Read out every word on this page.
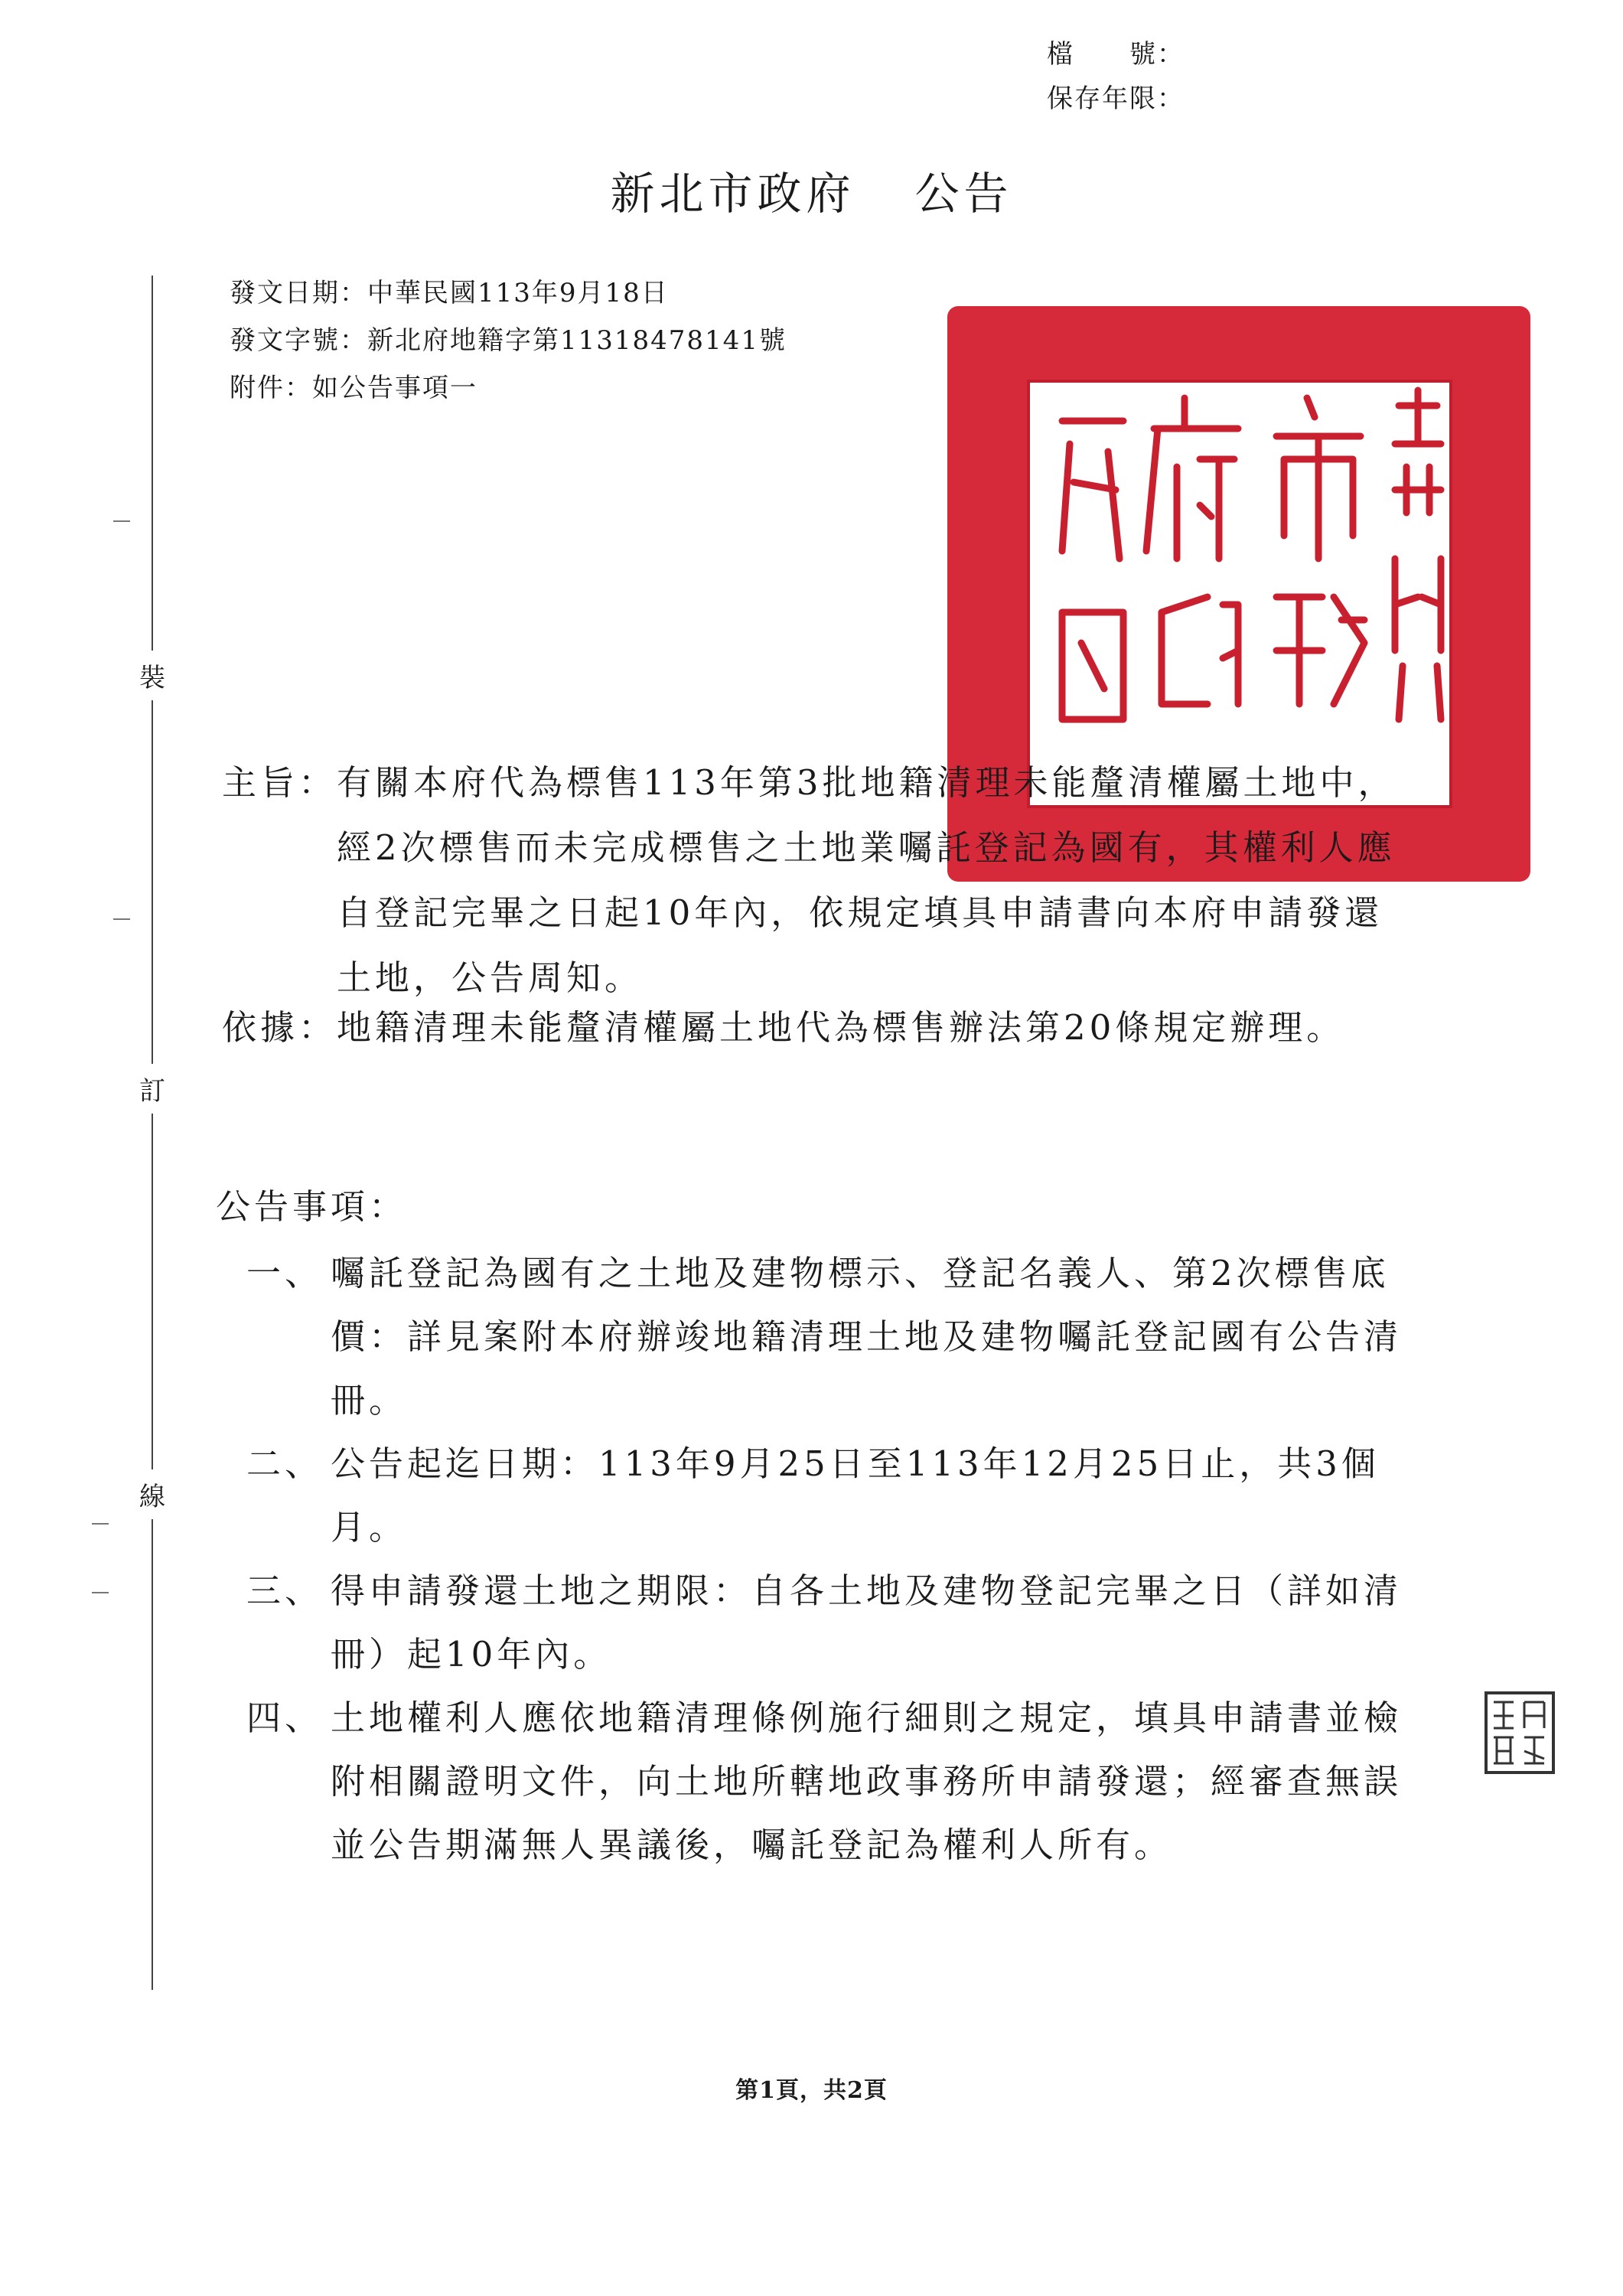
檔　　號：
保存年限：
新北市政府 公告
發文日期：中華民國113年9月18日
發文字號：新北府地籍字第11318478141號
附件：如公告事項一
裝
訂
線
主旨： 有關本府代為標售113年第3批地籍清理未能釐清權屬土地中，經2次標售而未完成標售之土地業囑託登記為國有，其權利人應自登記完畢之日起10年內，依規定填具申請書向本府申請發還土地，公告周知。
依據： 地籍清理未能釐清權屬土地代為標售辦法第20條規定辦理。
公告事項：
一、 囑託登記為國有之土地及建物標示、登記名義人、第2次標售底價：詳見案附本府辦竣地籍清理土地及建物囑託登記國有公告清冊。
二、 公告起迄日期：113年9月25日至113年12月25日止，共3個月。
三、 得申請發還土地之期限：自各土地及建物登記完畢之日（詳如清冊）起10年內。
四、 土地權利人應依地籍清理條例施行細則之規定，填具申請書並檢附相關證明文件，向土地所轄地政事務所申請發還；經審查無誤並公告期滿無人異議後，囑託登記為權利人所有。
第1頁，共2頁
